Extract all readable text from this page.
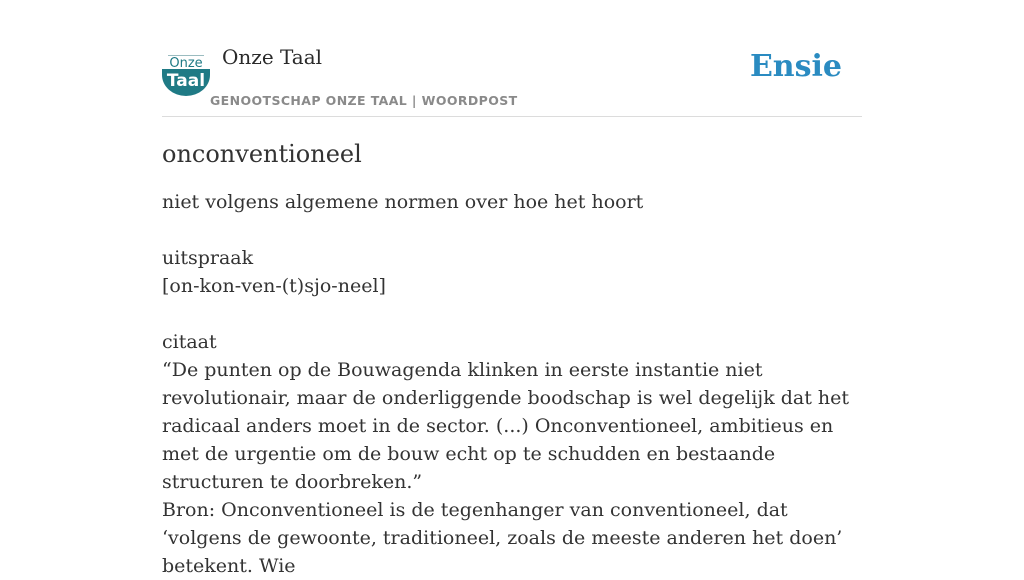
Onze
Taal
Onze Taal
GENOOTSCHAP ONZE TAAL | WOORDPOST
Ensie
onconventioneel
niet volgens algemene normen over hoe het hoort
uitspraak
[on-kon-ven-(t)sjo-neel]
citaat
“De punten op de Bouwagenda klinken in eerste instantie niet revolutionair, maar de onderliggende boodschap is wel degelijk dat het radicaal anders moet in de sector. (...) Onconventioneel, ambitieus en met de urgentie om de bouw echt op te schudden en bestaande structuren te doorbreken.”
Bron: Onconventioneel is de tegenhanger van conventioneel, dat ‘volgens de gewoonte, traditioneel, zoals de meeste anderen het doen’ betekent. Wie
